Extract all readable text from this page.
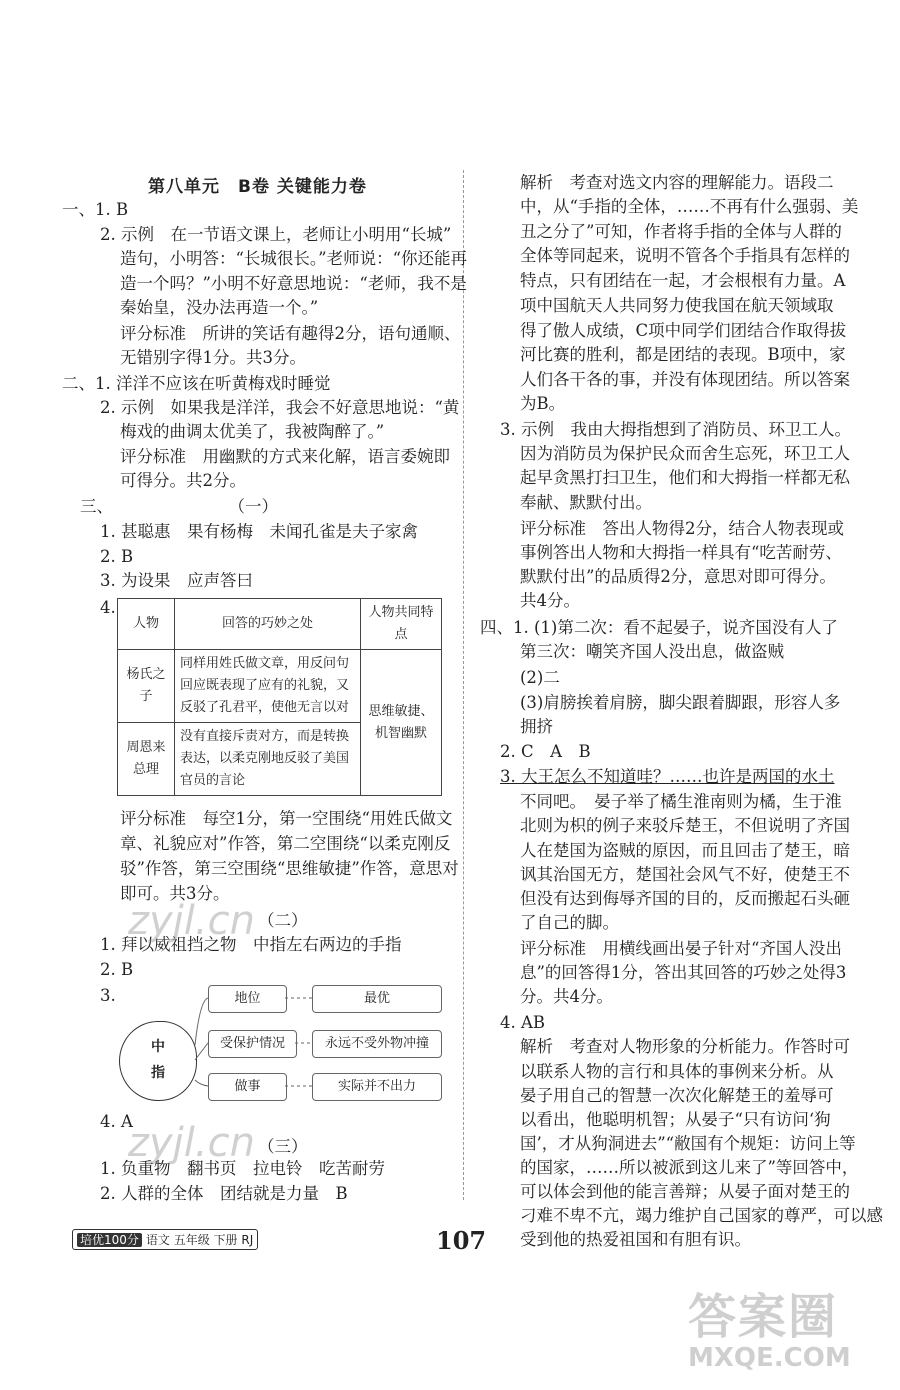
第八单元　B卷 关键能力卷
一、1. B
2. 示例　在一节语文课上，老师让小明用“长城”
造句，小明答：“长城很长。”老师说：“你还能再
造一个吗？”小明不好意思地说：“老师，我不是
秦始皇，没办法再造一个。”
评分标准　所讲的笑话有趣得2分，语句通顺、
无错别字得1分。共3分。
二、1. 洋洋不应该在听黄梅戏时睡觉
2. 示例　如果我是洋洋，我会不好意思地说：“黄
梅戏的曲调太优美了，我被陶醉了。”
评分标准　用幽默的方式来化解，语言委婉即
可得分。共2分。
三、　　　　　　　　（一）
1. 甚聪惠　果有杨梅　未闻孔雀是夫子家禽
2. B
3. 为设果　应声答曰
4.
人物	回答的巧妙之处	人物共同特点
杨氏之子	同样用姓氏做文章，用反问句回应既表现了应有的礼貌，又反驳了孔君平，使他无言以对	思维敏捷、机智幽默
周恩来总理	没有直接斥责对方，而是转换表达，以柔克刚地反驳了美国官员的言论	
评分标准　每空1分，第一空围绕“用姓氏做文
章、礼貌应对”作答，第二空围绕“以柔克刚反
驳”作答，第三空围绕“思维敏捷”作答，意思对
即可。共3分。
（二）
1. 拜以威祖挡之物　中指左右两边的手指
2. B
3.
中指
地位
受保护情况
做事
最优
永远不受外物冲撞
实际并不出力
4. A
（三）
1. 负重物　翻书页　拉电铃　吃苦耐劳
2. 人群的全体　团结就是力量　B
解析　考查对选文内容的理解能力。语段二
中，从“手指的全体，……不再有什么强弱、美
丑之分了”可知，作者将手指的全体与人群的
全体等同起来，说明不管各个手指具有怎样的
特点，只有团结在一起，才会根根有力量。A
项中国航天人共同努力使我国在航天领域取
得了傲人成绩，C项中同学们团结合作取得拔
河比赛的胜利，都是团结的表现。B项中，家
人们各干各的事，并没有体现团结。所以答案
为B。
3. 示例　我由大拇指想到了消防员、环卫工人。
因为消防员为保护民众而舍生忘死，环卫工人
起早贪黑打扫卫生，他们和大拇指一样都无私
奉献、默默付出。
评分标准　答出人物得2分，结合人物表现或
事例答出人物和大拇指一样具有“吃苦耐劳、
默默付出”的品质得2分，意思对即可得分。
共4分。
四、1. (1)第二次：看不起晏子，说齐国没有人了
第三次：嘲笑齐国人没出息，做盗贼
(2)二
(3)肩膀挨着肩膀，脚尖跟着脚跟，形容人多
拥挤
2. C　A　B
3. 大王怎么不知道哇？……也许是两国的水土
不同吧。　晏子举了橘生淮南则为橘，生于淮
北则为枳的例子来驳斥楚王，不但说明了齐国
人在楚国为盗贼的原因，而且回击了楚王，暗
讽其治国无方，楚国社会风气不好，使楚王不
但没有达到侮辱齐国的目的，反而搬起石头砸
了自己的脚。
评分标准　用横线画出晏子针对“齐国人没出
息”的回答得1分，答出其回答的巧妙之处得3
分。共4分。
4. AB
解析　考查对人物形象的分析能力。作答时可
以联系人物的言行和具体的事例来分析。从
晏子用自己的智慧一次次化解楚王的羞辱可
以看出，他聪明机智；从晏子“只有访问‘狗
国’，才从狗洞进去”“敝国有个规矩：访问上等
的国家，……所以被派到这儿来了”等回答中，
可以体会到他的能言善辩；从晏子面对楚王的
刁难不卑不亢，竭力维护自己国家的尊严，可以感
受到他的热爱祖国和有胆有识。
zyjl.cn
zyjl.cn
培优100分 语文 五年级 下册 RJ	107
答案圈
MXQE.COM
